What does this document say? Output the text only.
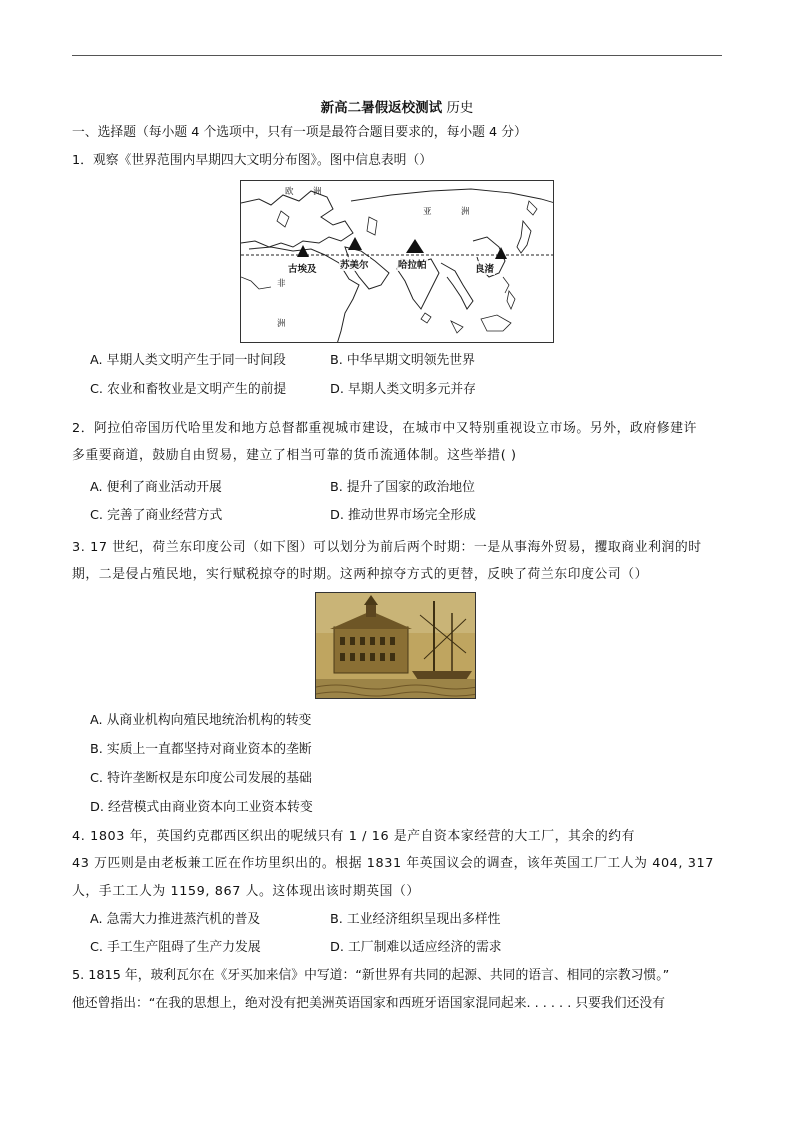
新高二暑假返校测试 历史
一、选择题（每小题 4 个选项中，只有一项是最符合题目要求的，每小题 4 分）
1．观察《世界范围内早期四大文明分布图》。图中信息表明（）
欧 洲
亚	洲
非
洲
古埃及 苏美尔	哈拉帕	良渚
A. 早期人类文明产生于同一时间段	B. 中华早期文明领先世界
C. 农业和畜牧业是文明产生的前提	D. 早期人类文明多元并存
2．阿拉伯帝国历代哈里发和地方总督都重视城市建设，在城市中又特别重视设立市场。另外，政府修建许
多重要商道，鼓励自由贸易，建立了相当可靠的货币流通体制。这些举措( )
A. 便利了商业活动开展	B. 提升了国家的政治地位
C. 完善了商业经营方式	D. 推动世界市场完全形成
3. 17 世纪，荷兰东印度公司（如下图）可以划分为前后两个时期：一是从事海外贸易，攫取商业利润的时
期，二是侵占殖民地，实行赋税掠夺的时期。这两种掠夺方式的更替，反映了荷兰东印度公司（）
A. 从商业机构向殖民地统治机构的转变
B. 实质上一直都坚持对商业资本的垄断
C. 特许垄断权是东印度公司发展的基础
D. 经营模式由商业资本向工业资本转变
4. 1803 年，英国约克郡西区织出的呢绒只有 1 / 16 是产自资本家经营的大工厂，其余的约有
43 万匹则是由老板兼工匠在作坊里织出的。根据 1831 年英国议会的调查，该年英国工厂工人为 404, 317
人，手工工人为 1159, 867 人。这体现出该时期英国（）
A. 急需大力推进蒸汽机的普及	B. 工业经济组织呈现出多样性
C. 手工生产阻碍了生产力发展	D. 工厂制难以适应经济的需求
5. 1815 年，玻利瓦尔在《牙买加来信》中写道：“新世界有共同的起源、共同的语言、相同的宗教习惯。”
他还曾指出：“在我的思想上，绝对没有把美洲英语国家和西班牙语国家混同起来. . . . . . 只要我们还没有
